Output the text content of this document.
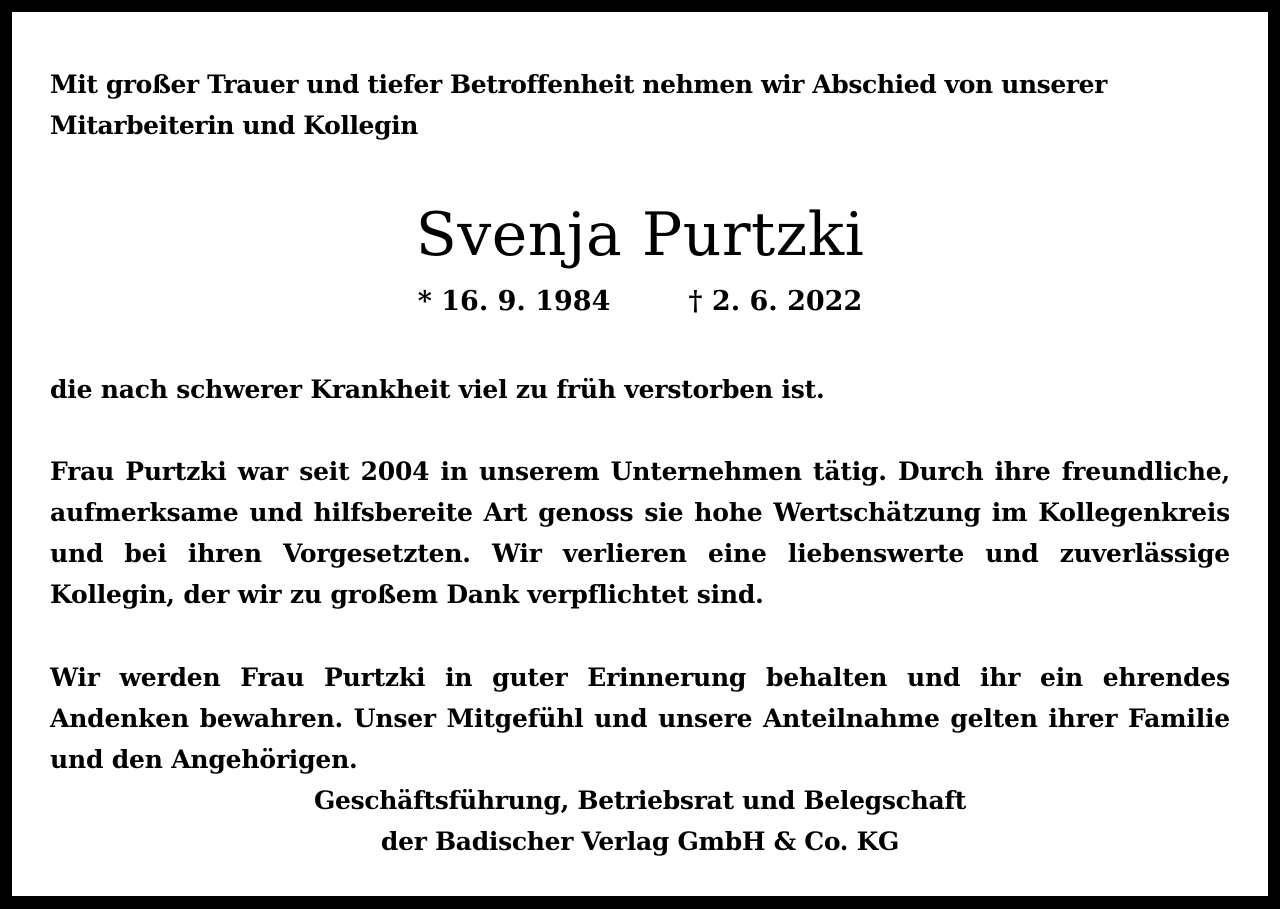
Mit großer Trauer und tiefer Betroffenheit nehmen wir Abschied von unserer Mitarbeiterin und Kollegin

Svenja Purtzki
* 16. 9. 1984	† 2. 6. 2022

die nach schwerer Krankheit viel zu früh verstorben ist.

Frau Purtzki war seit 2004 in unserem Unternehmen tätig. Durch ihre freundliche, aufmerksame und hilfsbereite Art genoss sie hohe Wertschätzung im Kollegenkreis und bei ihren Vorgesetzten. Wir verlieren eine liebenswerte und zuverlässige Kollegin, der wir zu großem Dank verpflichtet sind.

Wir werden Frau Purtzki in guter Erinnerung behalten und ihr ein ehrendes Andenken bewahren. Unser Mitgefühl und unsere Anteilnahme gelten ihrer Familie und den Angehörigen.

Geschäftsführung, Betriebsrat und Belegschaft
der Badischer Verlag GmbH & Co. KG
